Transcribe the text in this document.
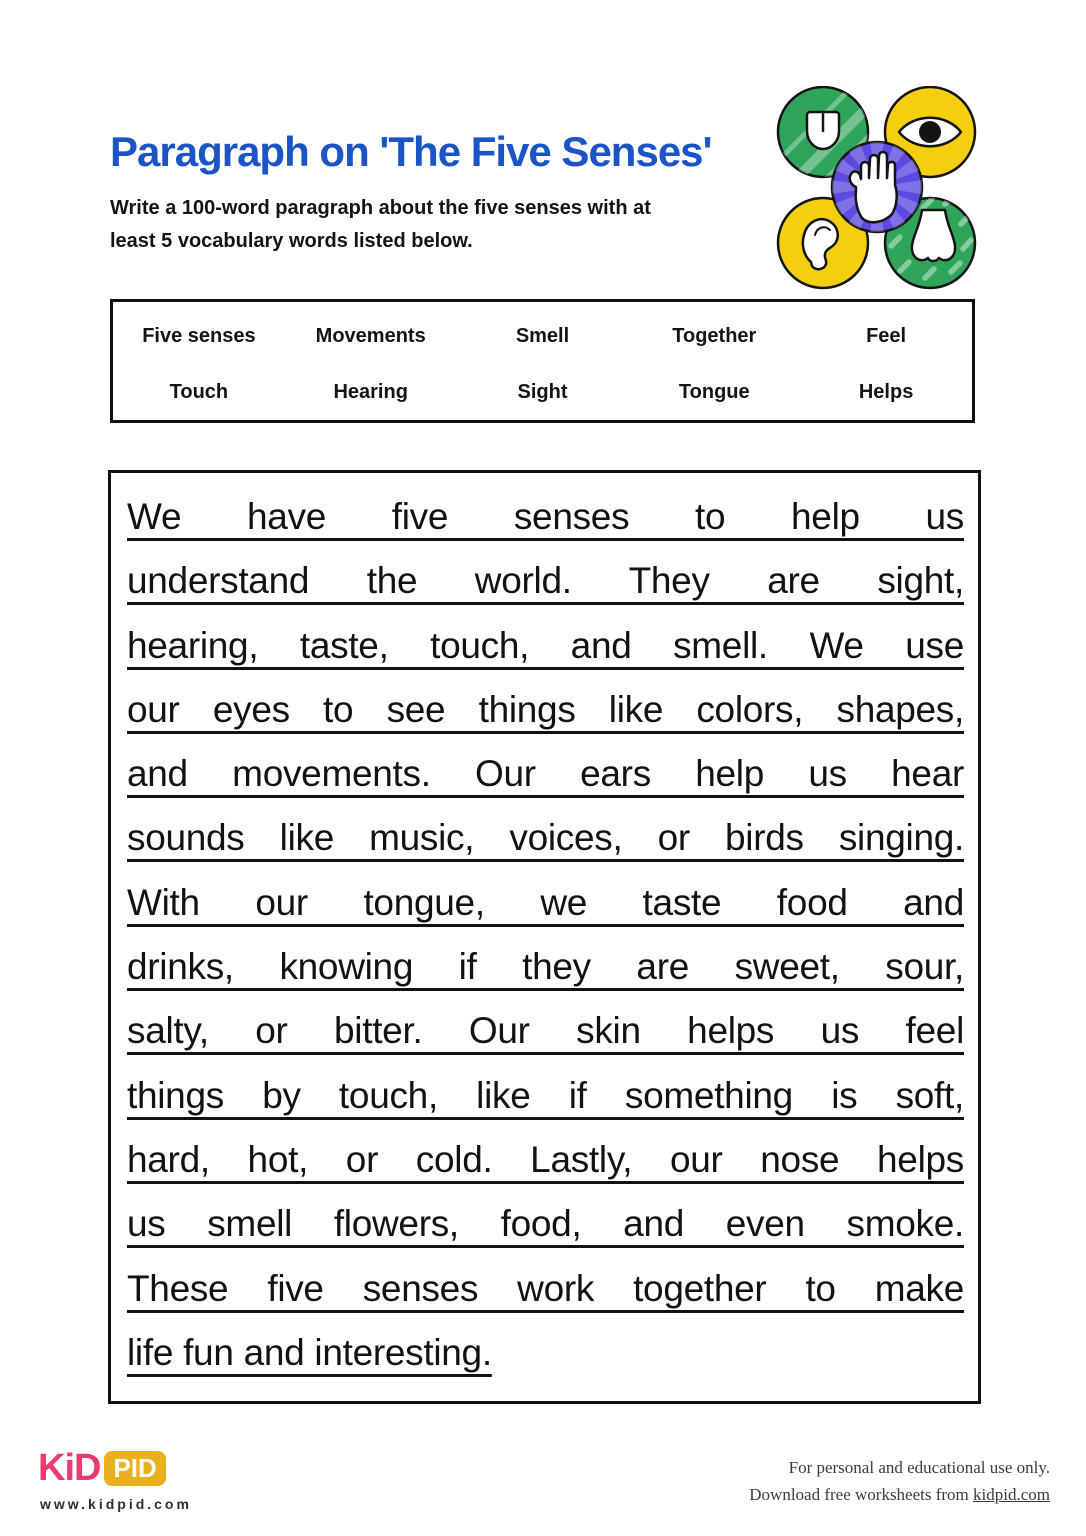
Paragraph on 'The Five Senses'
Write a 100-word paragraph about the five senses with at
least 5 vocabulary words listed below.
Five senses	Movements	Smell	Together	Feel
Touch	Hearing	Sight	Tongue	Helps
We have five senses to help us
understand the world. They are sight,
hearing, taste, touch, and smell. We use
our eyes to see things like colors, shapes,
and movements. Our ears help us hear
sounds like music, voices, or birds singing.
With our tongue, we taste food and
drinks, knowing if they are sweet, sour,
salty, or bitter. Our skin helps us feel
things by touch, like if something is soft,
hard, hot, or cold. Lastly, our nose helps
us smell flowers, food, and even smoke.
These five senses work together to make
life fun and interesting.
KiD PID
www.kidpid.com
For personal and educational use only.
Download free worksheets from kidpid.com
